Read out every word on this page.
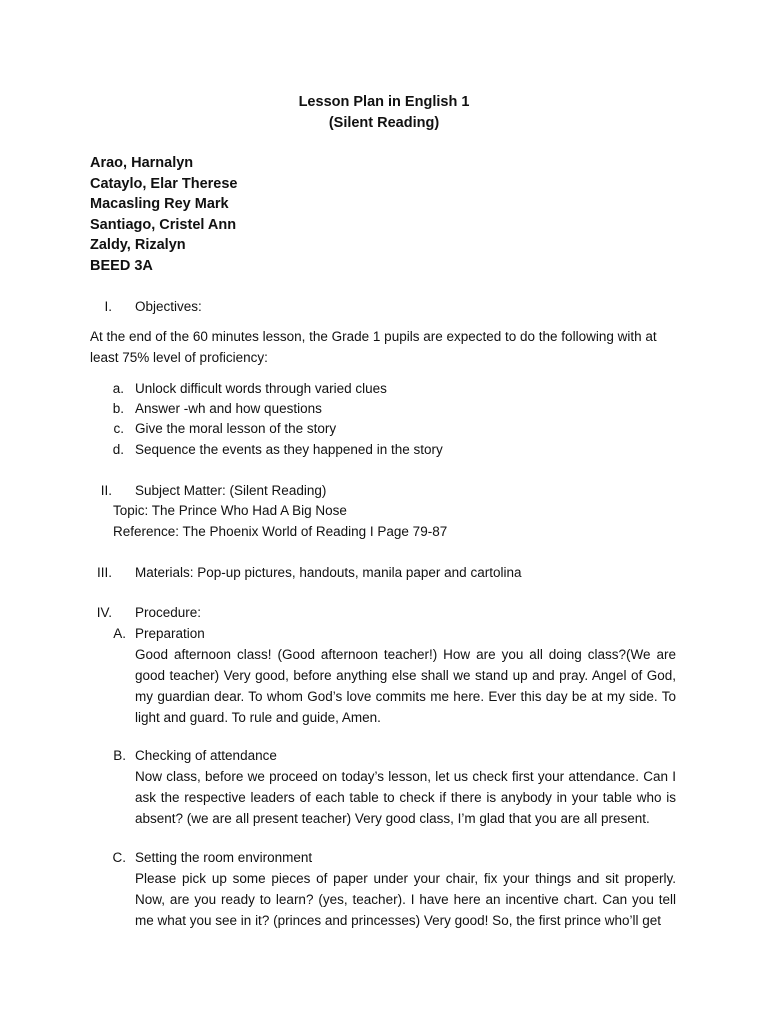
Lesson Plan in English 1
(Silent Reading)
Arao, Harnalyn
Cataylo, Elar Therese
Macasling Rey Mark
Santiago, Cristel Ann
Zaldy, Rizalyn
BEED 3A
I. Objectives:
At the end of the 60 minutes lesson, the Grade 1 pupils are expected to do the following with at
least 75% level of proficiency:
a. Unlock difficult words through varied clues
b. Answer -wh and how questions
c. Give the moral lesson of the story
d. Sequence the events as they happened in the story
II. Subject Matter: (Silent Reading)
Topic: The Prince Who Had A Big Nose
Reference: The Phoenix World of Reading I Page 79-87
III. Materials: Pop-up pictures, handouts, manila paper and cartolina
IV. Procedure:
A. Preparation
Good afternoon class! (Good afternoon teacher!) How are you all doing class?(We are good teacher) Very good, before anything else shall we stand up and pray. Angel of God, my guardian dear. To whom God’s love commits me here. Ever this day be at my side. To light and guard. To rule and guide, Amen.
B. Checking of attendance
Now class, before we proceed on today’s lesson, let us check first your attendance. Can I ask the respective leaders of each table to check if there is anybody in your table who is absent? (we are all present teacher) Very good class, I’m glad that you are all present.
C. Setting the room environment
Please pick up some pieces of paper under your chair, fix your things and sit properly. Now, are you ready to learn? (yes, teacher). I have here an incentive chart. Can you tell me what you see in it? (princes and princesses) Very good! So, the first prince who’ll get
